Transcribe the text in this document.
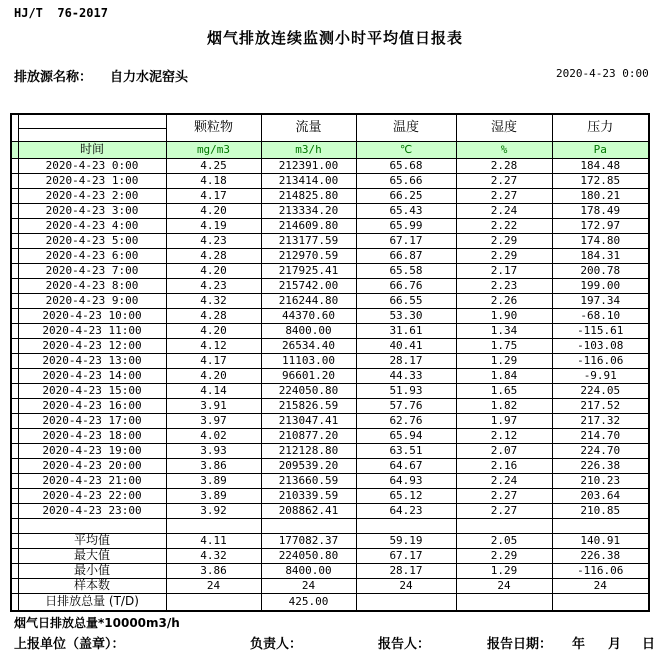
HJ/T  76-2017
烟气排放连续监测小时平均值日报表
排放源名称： 自力水泥窑头	2020-4-23 0:00

	颗粒物	流量	温度	湿度	压力
	时间	mg/m3	m3/h	℃	%	Pa
	2020-4-23 0:00	4.25	212391.00	65.68	2.28	184.48
	2020-4-23 1:00	4.18	213414.00	65.66	2.27	172.85
	2020-4-23 2:00	4.17	214825.80	66.25	2.27	180.21
	2020-4-23 3:00	4.20	213334.20	65.43	2.24	178.49
	2020-4-23 4:00	4.19	214609.80	65.99	2.22	172.97
	2020-4-23 5:00	4.23	213177.59	67.17	2.29	174.80
	2020-4-23 6:00	4.28	212970.59	66.87	2.29	184.31
	2020-4-23 7:00	4.20	217925.41	65.58	2.17	200.78
	2020-4-23 8:00	4.23	215742.00	66.76	2.23	199.00
	2020-4-23 9:00	4.32	216244.80	66.55	2.26	197.34
	2020-4-23 10:00	4.28	44370.60	53.30	1.90	-68.10
	2020-4-23 11:00	4.20	8400.00	31.61	1.34	-115.61
	2020-4-23 12:00	4.12	26534.40	40.41	1.75	-103.08
	2020-4-23 13:00	4.17	11103.00	28.17	1.29	-116.06
	2020-4-23 14:00	4.20	96601.20	44.33	1.84	-9.91
	2020-4-23 15:00	4.14	224050.80	51.93	1.65	224.05
	2020-4-23 16:00	3.91	215826.59	57.76	1.82	217.52
	2020-4-23 17:00	3.97	213047.41	62.76	1.97	217.32
	2020-4-23 18:00	4.02	210877.20	65.94	2.12	214.70
	2020-4-23 19:00	3.93	212128.80	63.51	2.07	224.70
	2020-4-23 20:00	3.86	209539.20	64.67	2.16	226.38
	2020-4-23 21:00	3.89	213660.59	64.93	2.24	210.23
	2020-4-23 22:00	3.89	210339.59	65.12	2.27	203.64
	2020-4-23 23:00	3.92	208862.41	64.23	2.27	210.85

	平均值	4.11	177082.37	59.19	2.05	140.91
	最大值	4.32	224050.80	67.17	2.29	226.38
	最小值	3.86	8400.00	28.17	1.29	-116.06
	样本数	24	24	24	24	24
	日排放总量 (T/D)		425.00			
烟气日排放总量*10000m3/h
上报单位（盖章）：	负责人：	报告人：	报告日期： 年 月 日
